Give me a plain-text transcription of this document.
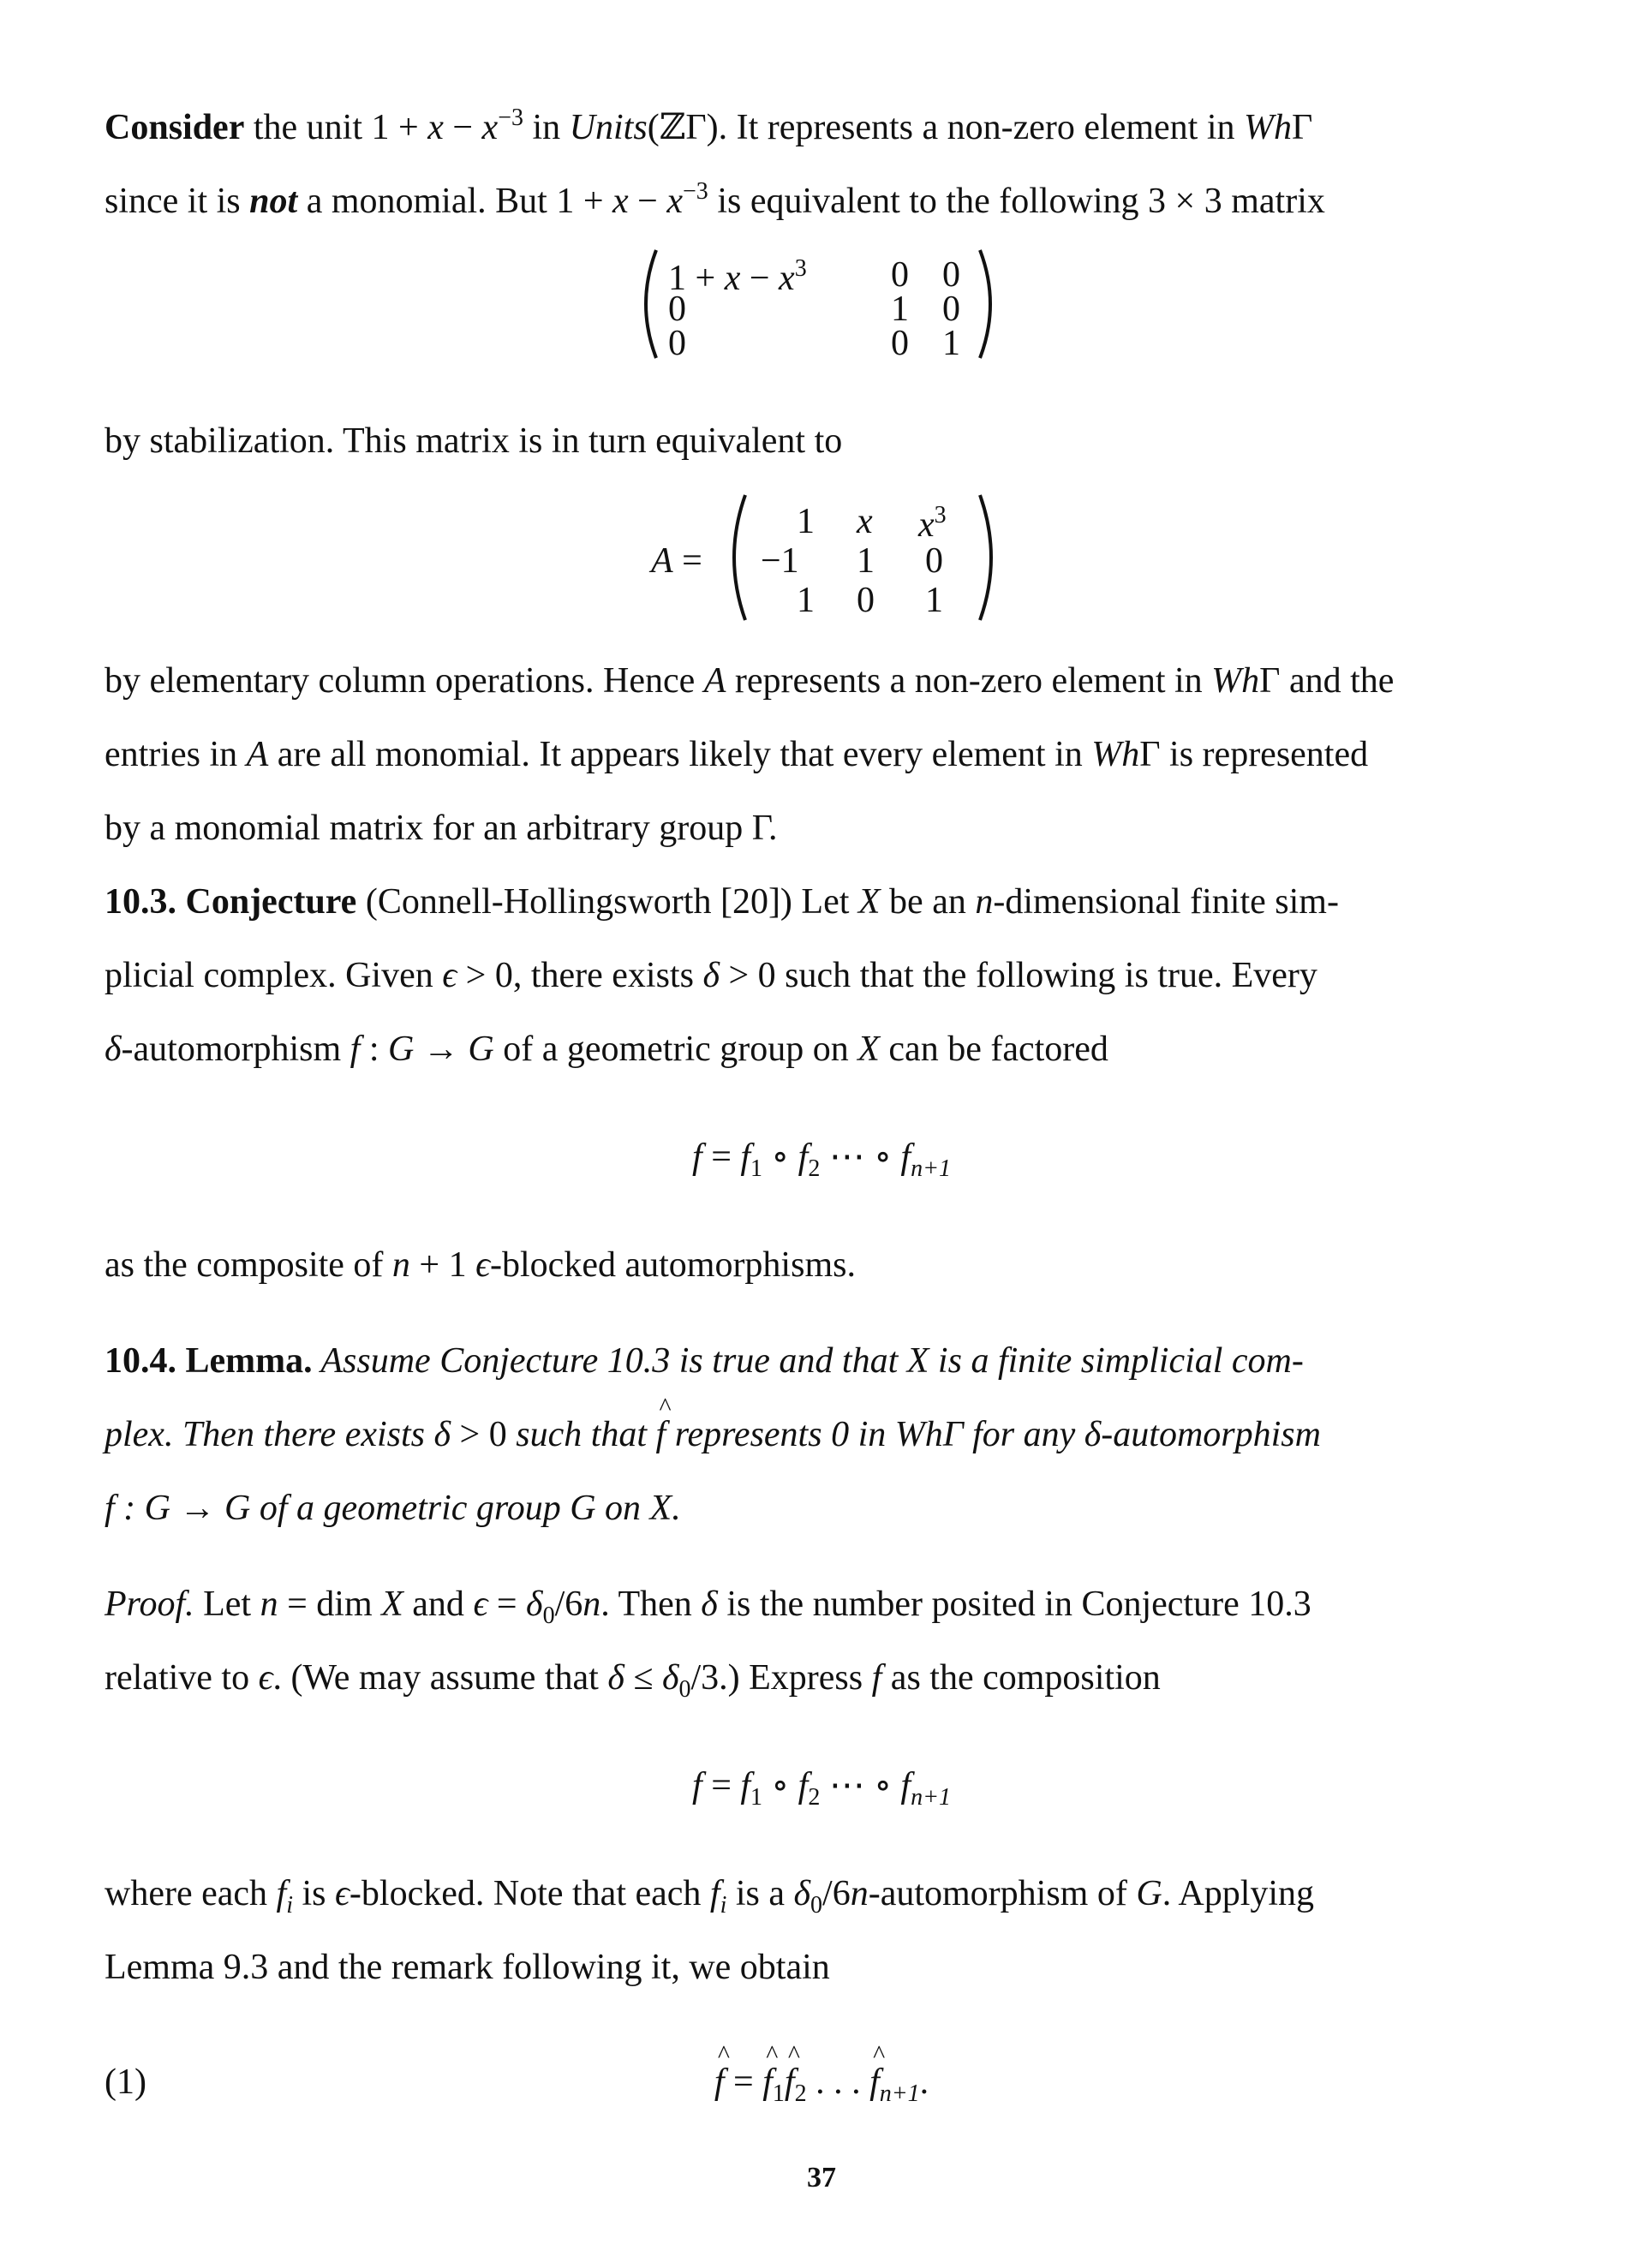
Consider the unit $1 + x - x^{-3}$ in Units(ℤΓ). It represents a non-zero element in WhΓ
since it is not a monomial. But $1 + x - x^{-3}$ is equivalent to the following 3 × 3 matrix
$1 + x - x^3$ 0 0
0	1 0
0	0 1
by stabilization. This matrix is in turn equivalent to
A =
1 x $x^3$
−1 1 0
1 0 1
by elementary column operations. Hence A represents a non-zero element in WhΓ and the
entries in A are all monomial. It appears likely that every element in WhΓ is represented
by a monomial matrix for an arbitrary group Γ.
10.3. Conjecture (Connell-Hollingsworth [20]) Let X be an n-dimensional finite sim-
plicial complex. Given ϵ > 0, there exists δ > 0 such that the following is true. Every
δ-automorphism f : G → G of a geometric group on X can be factored
$f = f_1$ ∘ $f_2$ ⋯ ∘ $f_{n+1}$
as the composite of n + 1 ϵ-blocked automorphisms.
10.4. Lemma. Assume Conjecture 10.3 is true and that X is a finite simplicial com-
plex. Then there exists δ > 0 such that ^ f represents 0 in WhΓ for any δ-automorphism
f : G → G of a geometric group G on X.
Proof. Let n = dim X and $\epsilon = \delta_0/6n$. Then δ is the number posited in Conjecture 10.3
relative to ϵ. (We may assume that $\delta \le \delta_0/3$.) Express f as the composition
$f = f_1$ ∘ $f_2$ ⋯ ∘ $f_{n+1}$
where each $f_i$ is ϵ-blocked. Note that each $f_i$ is a $\delta_0/6n$-automorphism of G. Applying
Lemma 9.3 and the remark following it, we obtain
(1)
^	f = ^ $f_1\^{}$ $f_2$ . . . ^ $f_{n+1}$.
37
